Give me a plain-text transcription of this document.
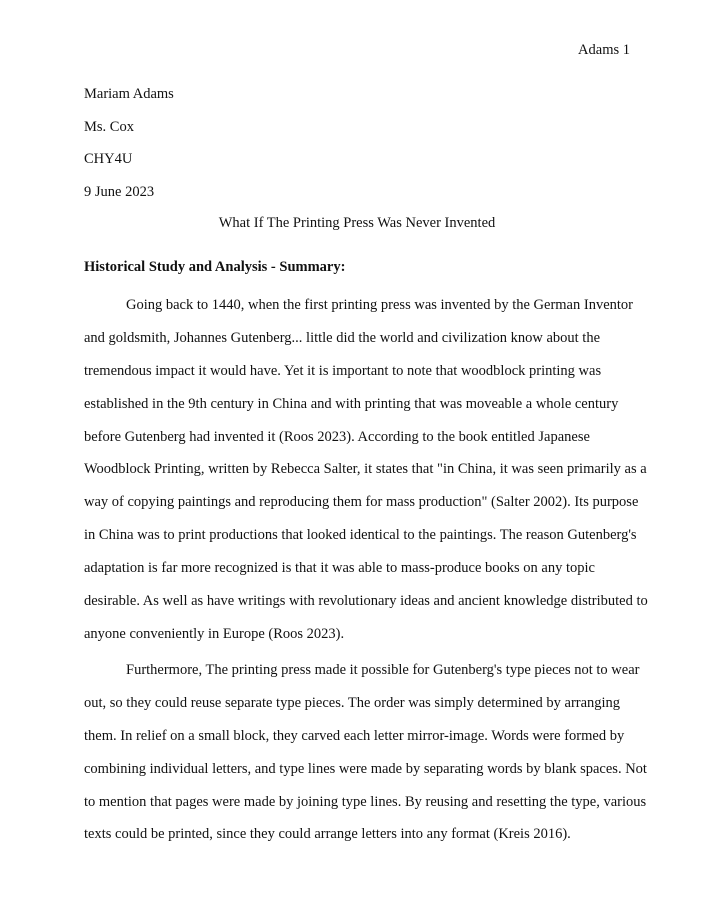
Adams 1
Mariam Adams
Ms. Cox
CHY4U
9 June 2023
What If The Printing Press Was Never Invented
Historical Study and Analysis - Summary:
Going back to 1440, when the first printing press was invented by the German Inventor
and goldsmith, Johannes Gutenberg... little did the world and civilization know about the
tremendous impact it would have. Yet it is important to note that woodblock printing was
established in the 9th century in China and with printing that was moveable a whole century
before Gutenberg had invented it (Roos 2023). According to the book entitled Japanese
Woodblock Printing, written by Rebecca Salter, it states that "in China, it was seen primarily as a
way of copying paintings and reproducing them for mass production" (Salter 2002). Its purpose
in China was to print productions that looked identical to the paintings. The reason Gutenberg's
adaptation is far more recognized is that it was able to mass-produce books on any topic
desirable. As well as have writings with revolutionary ideas and ancient knowledge distributed to
anyone conveniently in Europe (Roos 2023).
Furthermore, The printing press made it possible for Gutenberg's type pieces not to wear
out, so they could reuse separate type pieces. The order was simply determined by arranging
them. In relief on a small block, they carved each letter mirror-image. Words were formed by
combining individual letters, and type lines were made by separating words by blank spaces. Not
to mention that pages were made by joining type lines. By reusing and resetting the type, various
texts could be printed, since they could arrange letters into any format (Kreis 2016).
